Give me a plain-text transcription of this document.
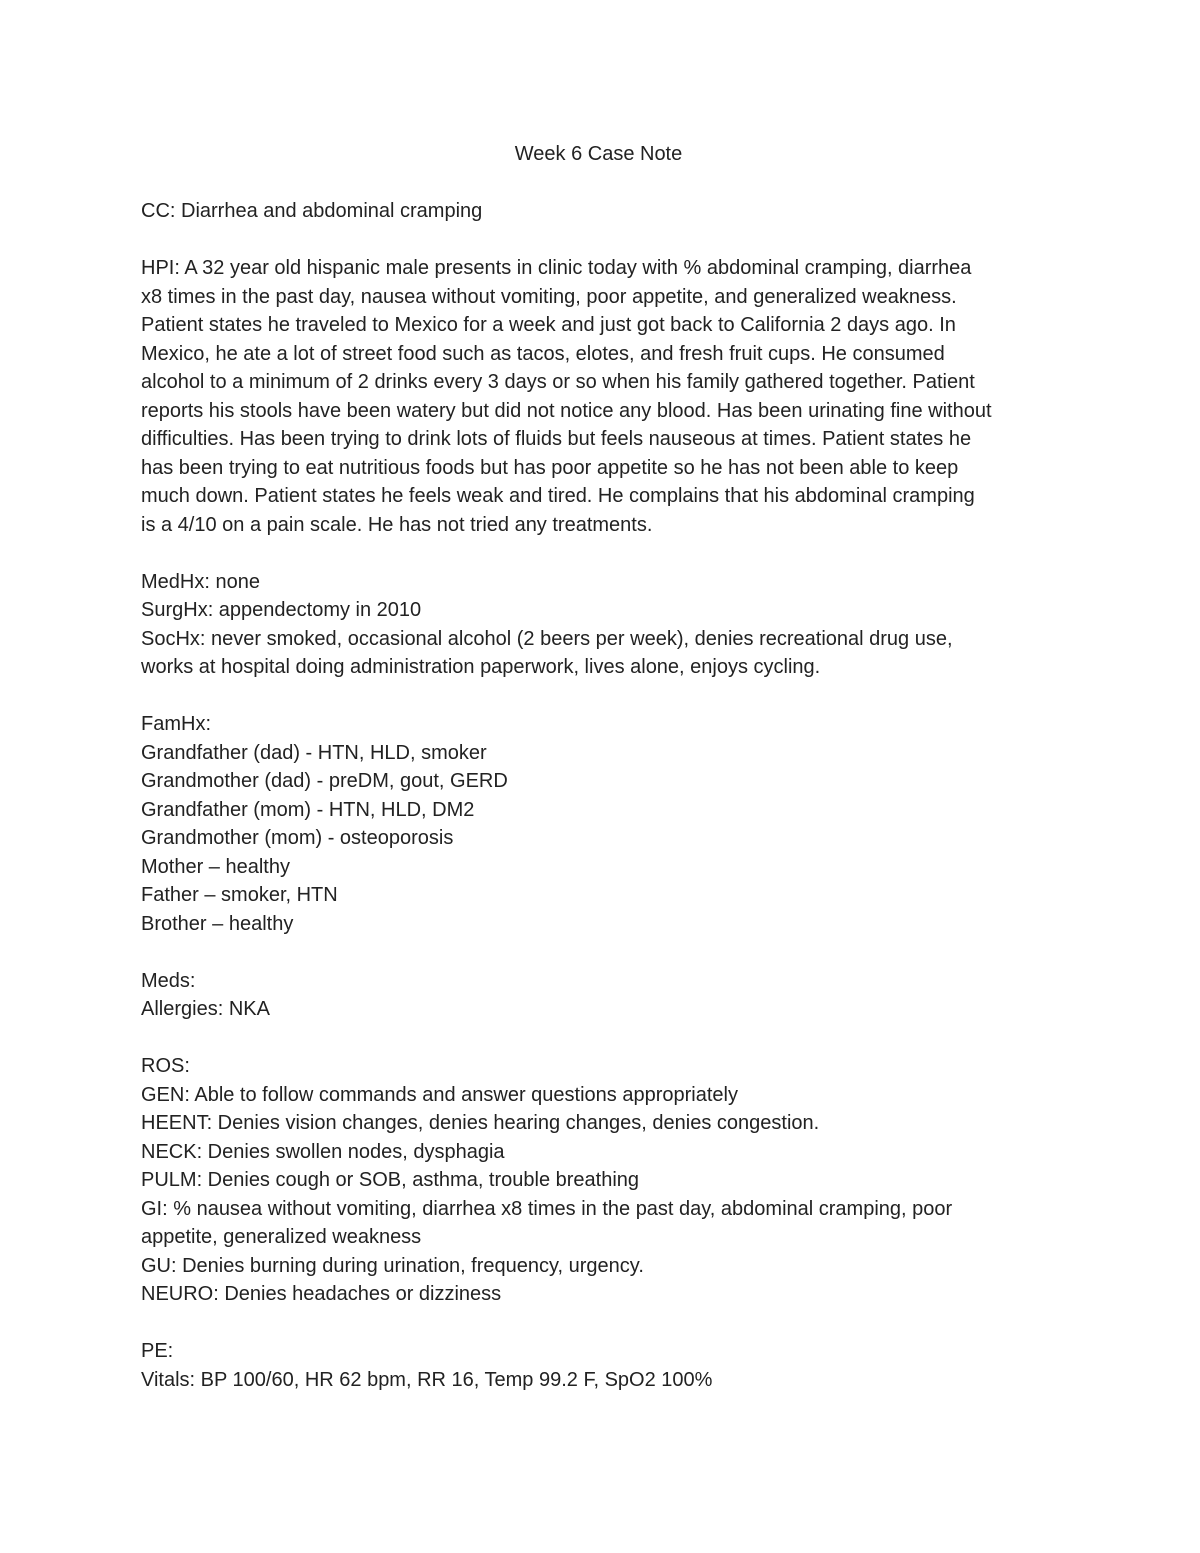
Week 6 Case Note

CC: Diarrhea and abdominal cramping

HPI: A 32 year old hispanic male presents in clinic today with % abdominal cramping, diarrhea

x8 times in the past day, nausea without vomiting, poor appetite, and generalized weakness.

Patient states he traveled to Mexico for a week and just got back to California 2 days ago. In

Mexico, he ate a lot of street food such as tacos, elotes, and fresh fruit cups. He consumed

alcohol to a minimum of 2 drinks every 3 days or so when his family gathered together. Patient

reports his stools have been watery but did not notice any blood. Has been urinating fine without

difficulties. Has been trying to drink lots of fluids but feels nauseous at times. Patient states he

has been trying to eat nutritious foods but has poor appetite so he has not been able to keep

much down. Patient states he feels weak and tired. He complains that his abdominal cramping

is a 4/10 on a pain scale. He has not tried any treatments.

MedHx: none

SurgHx: appendectomy in 2010

SocHx: never smoked, occasional alcohol (2 beers per week), denies recreational drug use,

works at hospital doing administration paperwork, lives alone, enjoys cycling.

FamHx:

Grandfather (dad) - HTN, HLD, smoker

Grandmother (dad) - preDM, gout, GERD

Grandfather (mom) - HTN, HLD, DM2

Grandmother (mom) - osteoporosis

Mother – healthy

Father – smoker, HTN

Brother – healthy

Meds:

Allergies: NKA

ROS:

GEN: Able to follow commands and answer questions appropriately

HEENT: Denies vision changes, denies hearing changes, denies congestion.

NECK: Denies swollen nodes, dysphagia

PULM: Denies cough or SOB, asthma, trouble breathing

GI: % nausea without vomiting, diarrhea x8 times in the past day, abdominal cramping, poor

appetite, generalized weakness

GU: Denies burning during urination, frequency, urgency.

NEURO: Denies headaches or dizziness

PE:

Vitals: BP 100/60, HR 62 bpm, RR 16, Temp 99.2 F, SpO2 100%
